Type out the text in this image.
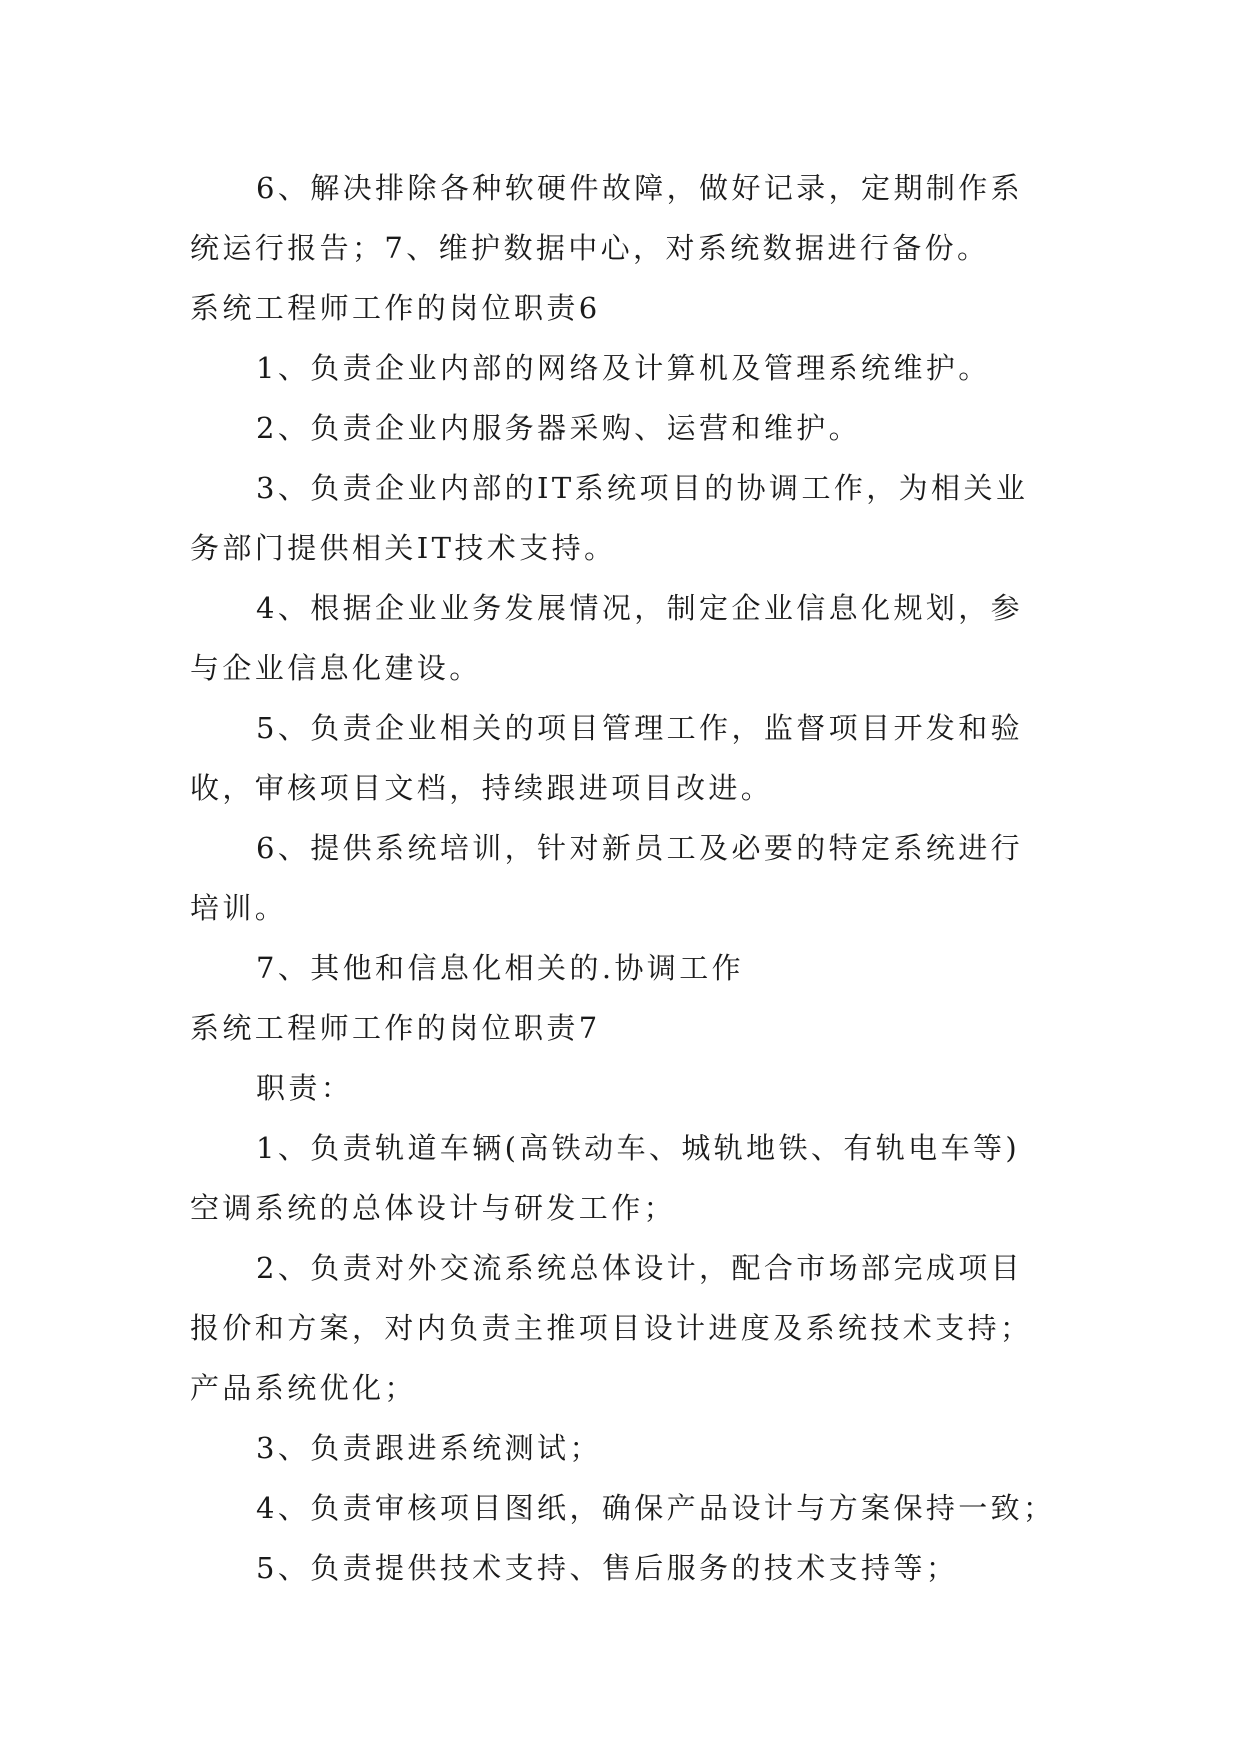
6、解决排除各种软硬件故障，做好记录，定期制作系
统运行报告；7、维护数据中心，对系统数据进行备份。

系统工程师工作的岗位职责6

1、负责企业内部的网络及计算机及管理系统维护。

2、负责企业内服务器采购、运营和维护。

3、负责企业内部的IT系统项目的协调工作，为相关业
务部门提供相关IT技术支持。

4、根据企业业务发展情况，制定企业信息化规划，参
与企业信息化建设。

5、负责企业相关的项目管理工作，监督项目开发和验
收，审核项目文档，持续跟进项目改进。

6、提供系统培训，针对新员工及必要的特定系统进行
培训。

7、其他和信息化相关的.协调工作

系统工程师工作的岗位职责7

职责：

1、负责轨道车辆(高铁动车、城轨地铁、有轨电车等)
空调系统的总体设计与研发工作；

2、负责对外交流系统总体设计，配合市场部完成项目
报价和方案，对内负责主推项目设计进度及系统技术支持；
产品系统优化；

3、负责跟进系统测试；

4、负责审核项目图纸，确保产品设计与方案保持一致；

5、负责提供技术支持、售后服务的技术支持等；
